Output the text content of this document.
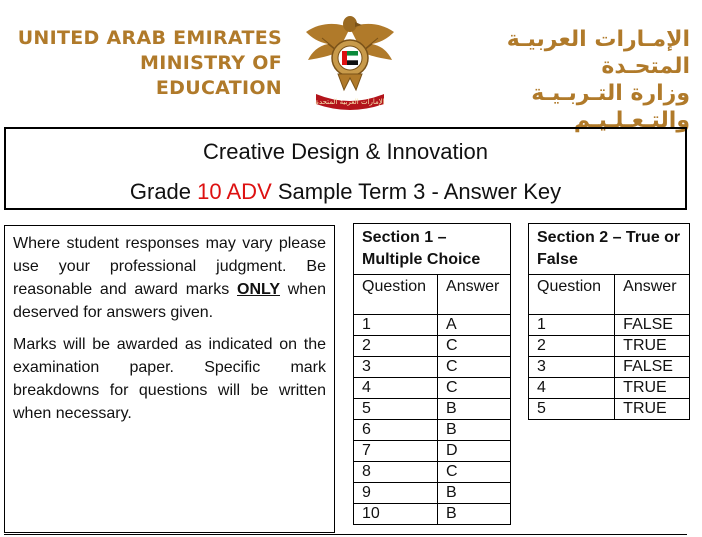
UNITED ARAB EMIRATES
MINISTRY OF EDUCATION
الإمارات العربية المتحدة
الإمـارات العربيـة المتحـدة
وزارة التـربـيـة والتـعـلـيـم
Creative Design & Innovation
Grade 10 ADV Sample Term 3 - Answer Key

Where student responses may vary please use your professional judgment. Be reasonable and award marks ONLY when deserved for answers given.

Marks will be awarded as indicated on the examination paper. Specific mark breakdowns for questions will be written when necessary.

Section 1 – Multiple Choice	
Question	Answer
1	A
2	C
3	C
4	C
5	B
6	B
7	D
8	C
9	B
10	B
Section 2 – True or False	
Question	Answer
1	FALSE
2	TRUE
3	FALSE
4	TRUE
5	TRUE
